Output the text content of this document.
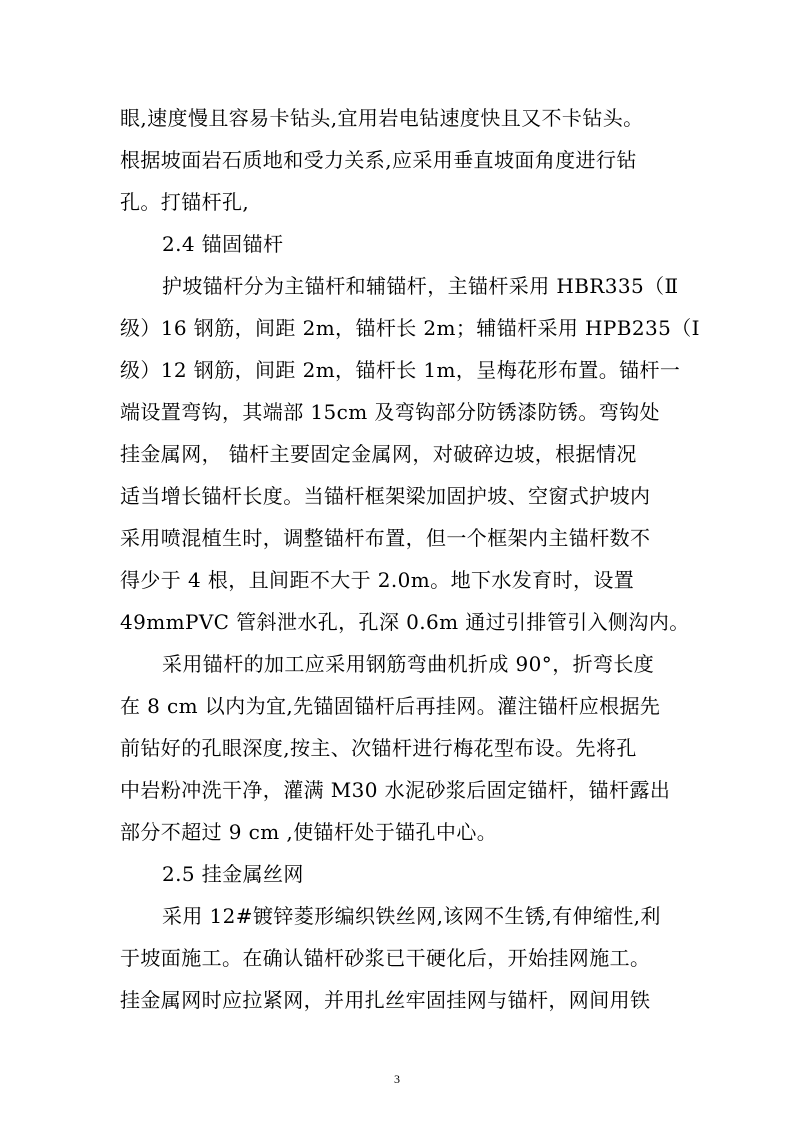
眼,速度慢且容易卡钻头,宜用岩电钻速度快且又不卡钻头。
根据坡面岩石质地和受力关系,应采用垂直坡面角度进行钻
孔。打锚杆孔,
2.4 锚固锚杆
护坡锚杆分为主锚杆和辅锚杆，主锚杆采用 HBR335（Ⅱ
级）16 钢筋，间距 2m，锚杆长 2m；辅锚杆采用 HPB235（Ⅰ
级）12 钢筋，间距 2m，锚杆长 1m，呈梅花形布置。锚杆一
端设置弯钩，其端部 15cm 及弯钩部分防锈漆防锈。弯钩处
挂金属网， 锚杆主要固定金属网，对破碎边坡，根据情况
适当增长锚杆长度。当锚杆框架梁加固护坡、空窗式护坡内
采用喷混植生时，调整锚杆布置，但一个框架内主锚杆数不
得少于 4 根，且间距不大于 2.0m。地下水发育时，设置
49mmPVC 管斜泄水孔，孔深 0.6m 通过引排管引入侧沟内。
采用锚杆的加工应采用钢筋弯曲机折成 90°，折弯长度
在 8 cm 以内为宜,先锚固锚杆后再挂网。灌注锚杆应根据先
前钻好的孔眼深度,按主、次锚杆进行梅花型布设。先将孔
中岩粉冲洗干净，灌满 M30 水泥砂浆后固定锚杆，锚杆露出
部分不超过 9 cm ,使锚杆处于锚孔中心。
2.5 挂金属丝网
采用 12#镀锌菱形编织铁丝网,该网不生锈,有伸缩性,利
于坡面施工。在确认锚杆砂浆已干硬化后，开始挂网施工。
挂金属网时应拉紧网，并用扎丝牢固挂网与锚杆，网间用铁
3
